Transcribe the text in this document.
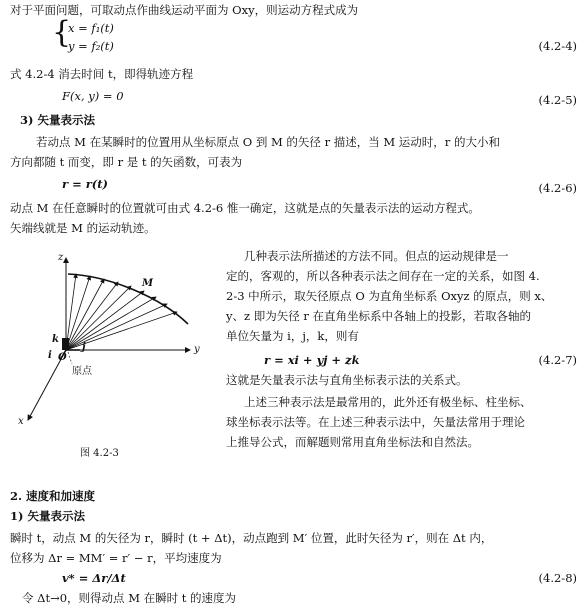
对于平面问题，可取动点作曲线运动平面为 Oxy，则运动方程式成为
{
x = f₁(t)
y = f₂(t)	(4.2-4)
式 4.2-4 消去时间 t，即得轨迹方程
F(x, y) = 0	(4.2-5)
3) 矢量表示法
若动点 M 在某瞬时的位置用从坐标原点 O 到 M 的矢径 r 描述，当 M 运动时，r 的大小和
方向都随 t 而变，即 r 是 t 的矢函数，可表为
r = r(t)	(4.2-6)
动点 M 在任意瞬时的位置就可由式 4.2-6 惟一确定，这就是点的矢量表示法的运动方程式。
矢端线就是 M 的运动轨迹。
z
y
x
M
k
i O
j
原点
图 4.2-3
几种表示法所描述的方法不同。但点的运动规律是一
定的，客观的，所以各种表示法之间存在一定的关系，如图 4.
2-3 中所示，取矢径原点 O 为直角坐标系 Oxyz 的原点，则 x、
y、z 即为矢径 r 在直角坐标系中各轴上的投影，若取各轴的
单位矢量为 i，j，k，则有
r = xi + yj + zk	(4.2-7)
这就是矢量表示法与直角坐标表示法的关系式。
上述三种表示法是最常用的，此外还有极坐标、柱坐标、
球坐标表示法等。在上述三种表示法中，矢量法常用于理论
上推导公式，而解题则常用直角坐标法和自然法。
2. 速度和加速度
1) 矢量表示法
瞬时 t，动点 M 的矢径为 r，瞬时 (t + Δt)，动点跑到 M′ 位置，此时矢径为 r′，则在 Δt 内，
位移为 Δr = MM′ = r′ − r，平均速度为
v* = Δr/Δt	(4.2-8)
令 Δt→0，则得动点 M 在瞬时 t 的速度为
